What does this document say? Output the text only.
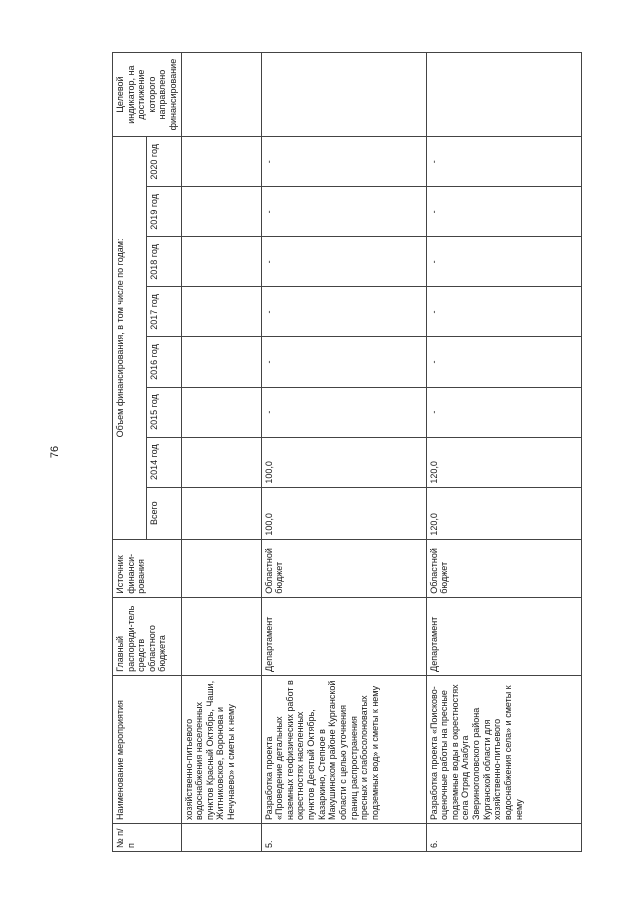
76
№ п/п	Наименование мероприятия	Главный распоряди-тель средств областного бюджета	Источник финанси-рования	Объем финансирования, в том числе по годам:								Целевой индикатор, на достижение которого направлено финансирование
				Всего	2014 год	2015 год	2016 год	2017 год	2018 год	2019 год	2020 год	
	хозяйственно-питьевого водоснабжения населенных пунктов Красный Октябрь, Чаши, Житниковское, Воронова и Нечунаево» и сметы к нему											
5.	Разработка проекта «Проведение детальных наземных геофизических работ в окрестностях населенных пунктов Десятый Октябрь, Казаркино, Степное в Макушинском районе Курганской области с целью уточнения границ распространения пресных и слабосолоноватых подземных вод» и сметы к нему	Департамент	Областной бюджет	100,0	100,0	-	-	-	-	-	-	
6.	Разработка проекта «Поисково-оценочные работы на пресные подземные воды в окрестностях села Отряд Алабуга Звериноголовского района Курганской области для хозяйственно-питьевого водоснабжения села» и сметы к нему	Департамент	Областной бюджет	120,0	120,0	-	-	-	-	-	-	
